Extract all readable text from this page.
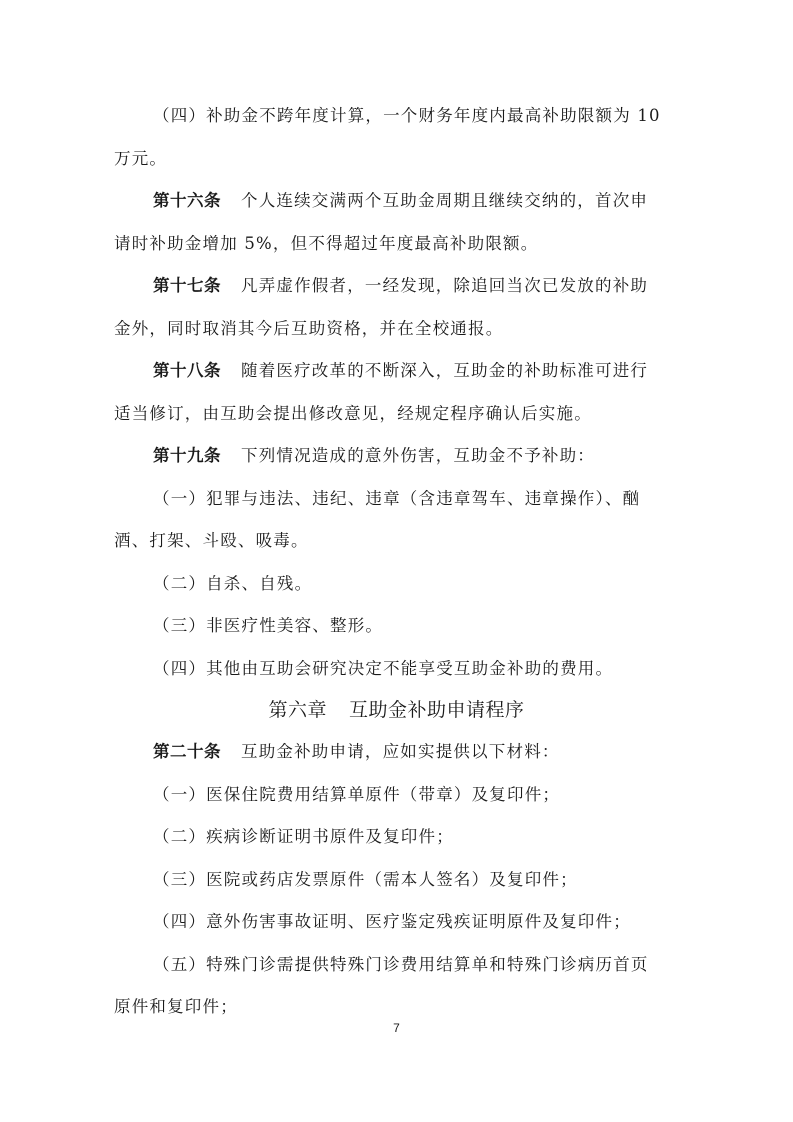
（四）补助金不跨年度计算，一个财务年度内最高补助限额为 10
万元。
第十六条 个人连续交满两个互助金周期且继续交纳的，首次申
请时补助金增加 5%，但不得超过年度最高补助限额。
第十七条 凡弄虚作假者，一经发现，除追回当次已发放的补助
金外，同时取消其今后互助资格，并在全校通报。
第十八条 随着医疗改革的不断深入，互助金的补助标准可进行
适当修订，由互助会提出修改意见，经规定程序确认后实施。
第十九条 下列情况造成的意外伤害，互助金不予补助：
（一）犯罪与违法、违纪、违章（含违章驾车、违章操作）、酗
酒、打架、斗殴、吸毒。
（二）自杀、自残。
（三）非医疗性美容、整形。
（四）其他由互助会研究决定不能享受互助金补助的费用。
第六章 互助金补助申请程序
第二十条 互助金补助申请，应如实提供以下材料：
（一）医保住院费用结算单原件（带章）及复印件；
（二）疾病诊断证明书原件及复印件；
（三）医院或药店发票原件（需本人签名）及复印件；
（四）意外伤害事故证明、医疗鉴定残疾证明原件及复印件；
（五）特殊门诊需提供特殊门诊费用结算单和特殊门诊病历首页
原件和复印件；
7
